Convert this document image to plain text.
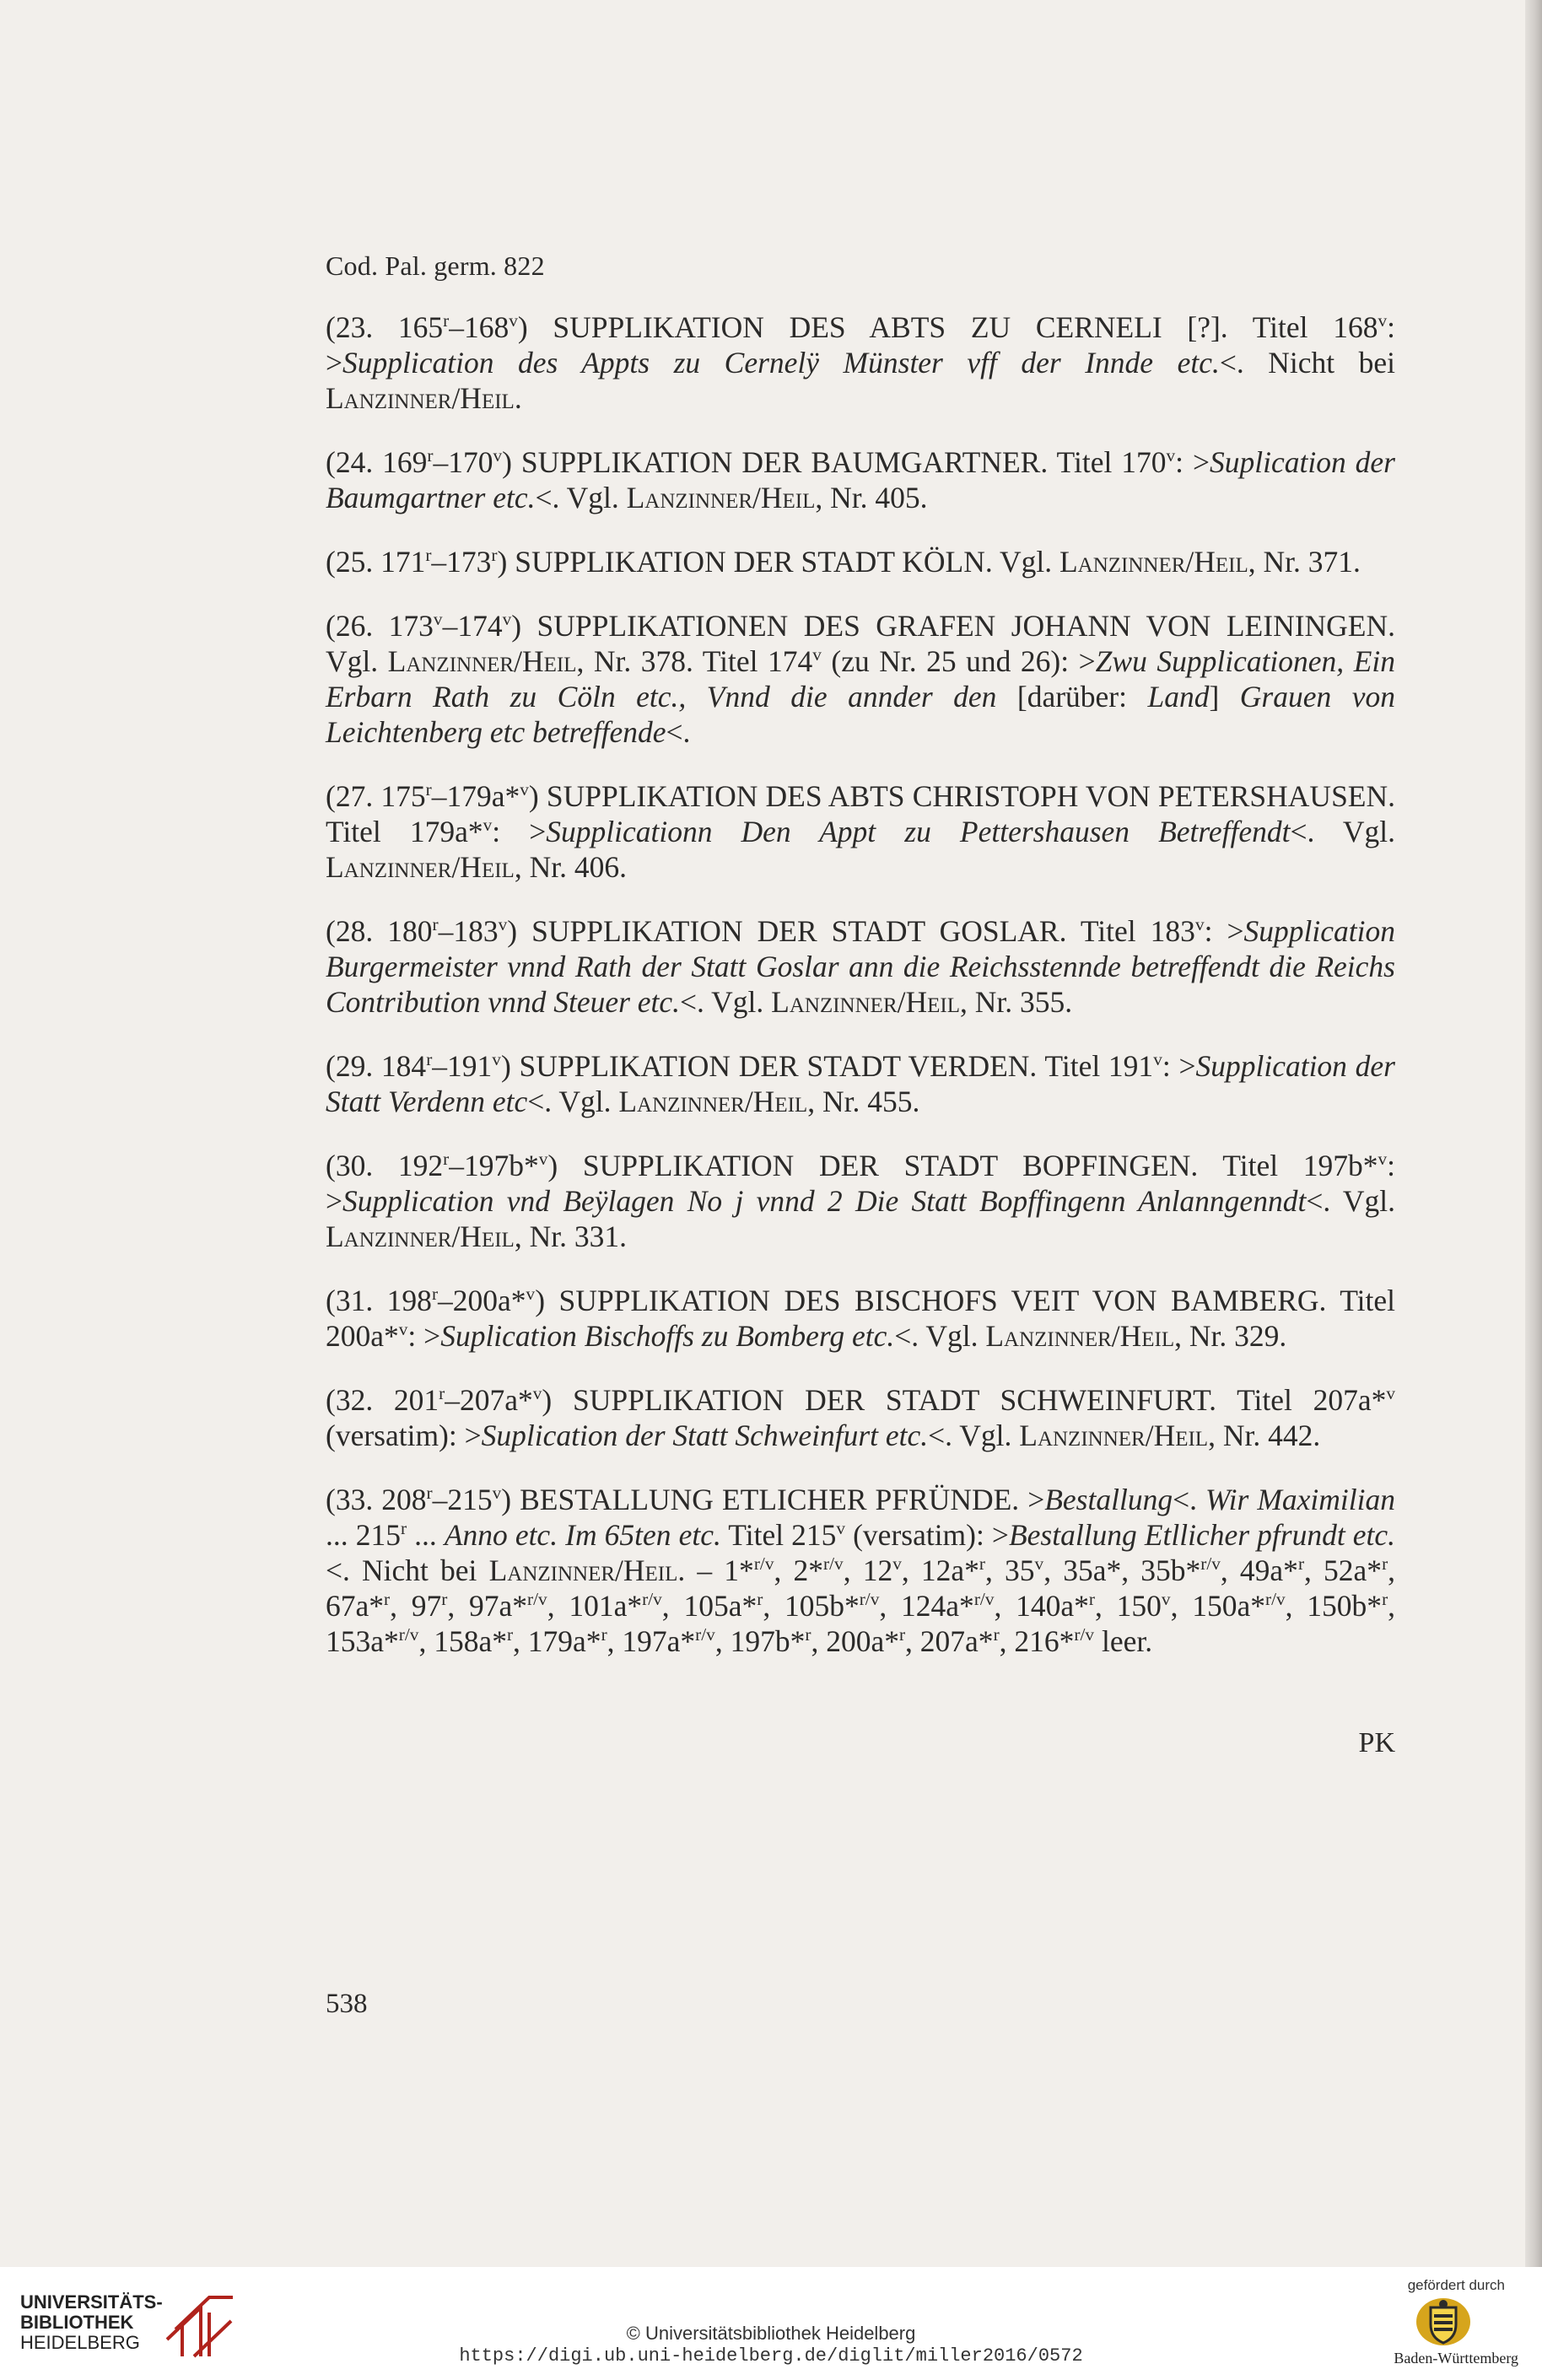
Cod. Pal. germ. 822

(23. 165$^r$–168$^v$) SUPPLIKATION DES ABTS ZU CERNELI [?]. Titel $168^v$: >Supplication des Appts zu Cernelÿ Münster vff der Innde etc.<. Nicht bei Lanzinner/Heil.

(24. 169$^r$–170$^v$) SUPPLIKATION DER BAUMGARTNER. Titel $170^v$: >Suplication der Baumgartner etc.<. Vgl. Lanzinner/Heil, Nr. 405.

(25. 171$^r$–173$^r$) SUPPLIKATION DER STADT KÖLN. Vgl. Lanzinner/Heil, Nr. 371.

(26. 173$^v$–174$^v$) SUPPLIKATIONEN DES GRAFEN JOHANN VON LEININGEN. Vgl. Lanzinner/Heil, Nr. 378. Titel 174$^v$ (zu Nr. 25 und 26): >Zwu Supplicationen, Ein Erbarn Rath zu Cöln etc., Vnnd die annder den [darüber: Land] Grauen von Leichtenberg etc betreffende<.

(27. 175$^r$–179a*$^v$) SUPPLIKATION DES ABTS CHRISTOPH VON PETERSHAUSEN. Titel 179a*$^v$: >Supplicationn Den Appt zu Pettershausen Betreffendt<. Vgl. Lanzinner/Heil, Nr. 406.

(28. 180$^r$–183$^v$) SUPPLIKATION DER STADT GOSLAR. Titel $183^v$: >Supplication Burgermeister vnnd Rath der Statt Goslar ann die Reichsstennde betreffendt die Reichs Contribution vnnd Steuer etc.<. Vgl. Lanzinner/Heil, Nr. 355.

(29. 184$^r$–191$^v$) SUPPLIKATION DER STADT VERDEN. Titel $191^v$: >Supplication der Statt Verdenn etc<. Vgl. Lanzinner/Heil, Nr. 455.

(30. 192$^r$–197b*$^v$) SUPPLIKATION DER STADT BOPFINGEN. Titel 197b*$^v$: >Supplication vnd Beÿlagen No j vnnd 2 Die Statt Bopffingenn Anlanngenndt<. Vgl. Lanzinner/Heil, Nr. 331.

(31. 198$^r$–200a*$^v$) SUPPLIKATION DES BISCHOFS VEIT VON BAMBERG. Titel 200a*$^v$: >Suplication Bischoffs zu Bomberg etc.<. Vgl. Lanzinner/Heil, Nr. 329.

(32. 201$^r$–207a*$^v$) SUPPLIKATION DER STADT SCHWEINFURT. Titel 207a*$^v$ (versatim): >Suplication der Statt Schweinfurt etc.<. Vgl. Lanzinner/Heil, Nr. 442.

(33. 208$^r$–215$^v$) BESTALLUNG ETLICHER PFRÜNDE. >Bestallung<. Wir Maximilian ... 215$^r$ ... Anno etc. Im 65ten etc. Titel 215$^v$ (versatim): >Bestallung Etllicher pfrundt etc.<. Nicht bei Lanzinner/Heil. – 1*$^{r/v}$, 2*$^{r/v}$, 12$^v$, 12a*$^r$, 35$^v$, 35a*, 35b*$^{r/v}$, 49a*$^r$, 52a*$^r$, 67a*$^r$, 97$^r$, 97a*$^{r/v}$, 101a*$^{r/v}$, 105a*$^r$, 105b*$^{r/v}$, 124a*$^{r/v}$, 140a*$^r$, 150$^v$, 150a*$^{r/v}$, 150b*$^r$, 153a*$^{r/v}$, 158a*$^r$, 179a*$^r$, 197a*$^{r/v}$, 197b*$^r$, 200a*$^r$, 207a*$^r$, 216*$^{r/v}$ leer.

PK
538
UNIVERSITÄTS-
BIBLIOTHEK
HEIDELBERG	© Universitätsbibliothek Heidelberg
https://digi.ub.uni-heidelberg.de/diglit/miller2016/0572
gefördert durch
Baden-Württemberg
